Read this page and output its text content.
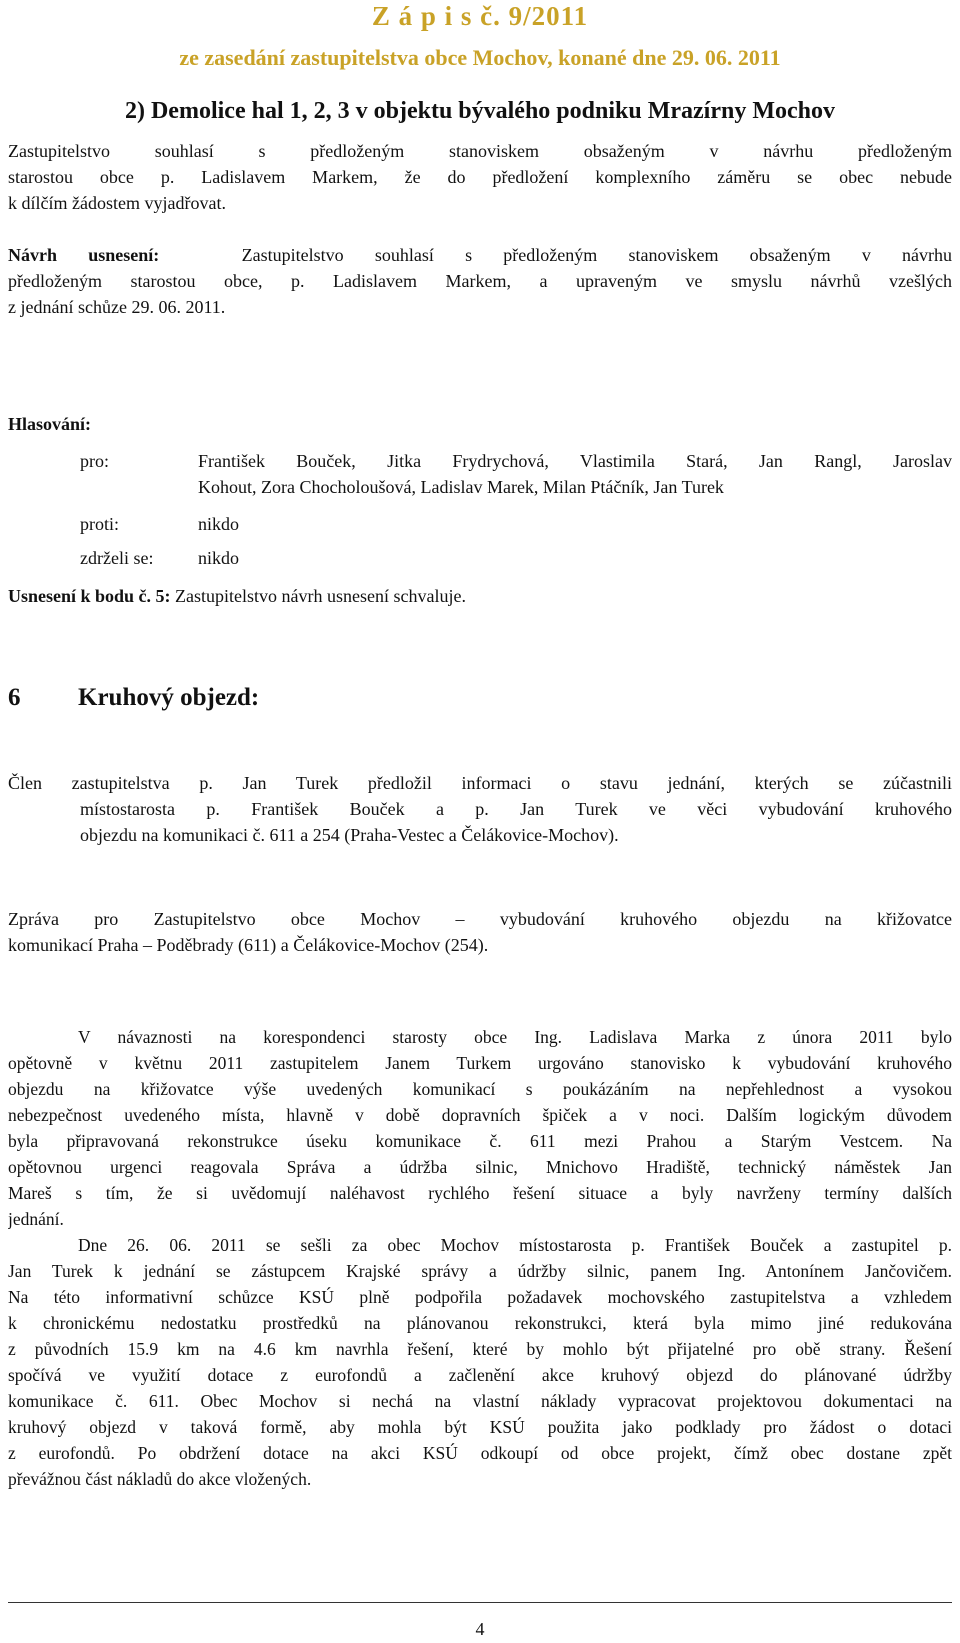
Z á p i s č. 9/2011
ze zasedání zastupitelstva obce Mochov, konané dne 29. 06. 2011
2) Demolice hal 1, 2, 3 v objektu bývalého podniku Mrazírny Mochov
Zastupitelstvo souhlasí s předloženým stanoviskem obsaženým v návrhu předloženým
starostou obce p. Ladislavem Markem, že do předložení komplexního záměru se obec nebude
k dílčím žádostem vyjadřovat.
Návrh usnesení:	Zastupitelstvo souhlasí s předloženým stanoviskem obsaženým v návrhu
předloženým starostou obce, p. Ladislavem Markem, a upraveným ve smyslu návrhů vzešlých
z jednání schůze 29. 06. 2011.
Hlasování:
pro:	František Bouček, Jitka Frydrychová, Vlastimila Stará, Jan Rangl, Jaroslav
Kohout, Zora Chocholoušová, Ladislav Marek, Milan Ptáčník, Jan Turek
proti:	nikdo
zdrželi se: nikdo
Usnesení k bodu č. 5: Zastupitelstvo návrh usnesení schvaluje.
6 Kruhový objezd:
Člen zastupitelstva p. Jan Turek předložil informaci o stavu jednání, kterých se zúčastnili
místostarosta p. František Bouček a p. Jan Turek ve věci vybudování kruhového
objezdu na komunikaci č. 611 a 254 (Praha-Vestec a Čelákovice-Mochov).
Zpráva pro Zastupitelstvo obce Mochov – vybudování kruhového objezdu na křižovatce
komunikací Praha – Poděbrady (611) a Čelákovice-Mochov (254).
V návaznosti na korespondenci starosty obce Ing. Ladislava Marka z února 2011 bylo
opětovně v květnu 2011 zastupitelem Janem Turkem urgováno stanovisko k vybudování kruhového
objezdu na křižovatce výše uvedených komunikací s poukázáním na nepřehlednost a vysokou
nebezpečnost uvedeného místa, hlavně v době dopravních špiček a v noci. Dalším logickým důvodem
byla připravovaná rekonstrukce úseku komunikace č. 611 mezi Prahou a Starým Vestcem. Na
opětovnou urgenci reagovala Správa a údržba silnic, Mnichovo Hradiště, technický náměstek Jan
Mareš s tím, že si uvědomují naléhavost rychlého řešení situace a byly navrženy termíny dalších
jednání.
Dne 26. 06. 2011 se sešli za obec Mochov místostarosta p. František Bouček a zastupitel p.
Jan Turek k jednání se zástupcem Krajské správy a údržby silnic, panem Ing. Antonínem Jančovičem.
Na této informativní schůzce KSÚ plně podpořila požadavek mochovského zastupitelstva a vzhledem
k chronickému nedostatku prostředků na plánovanou rekonstrukci, která byla mimo jiné redukována
z původních 15.9 km na 4.6 km navrhla řešení, které by mohlo být přijatelné pro obě strany. Řešení
spočívá ve využití dotace z eurofondů a začlenění akce kruhový objezd do plánované údržby
komunikace č. 611. Obec Mochov si nechá na vlastní náklady vypracovat projektovou dokumentaci na
kruhový objezd v taková formě, aby mohla být KSÚ použita jako podklady pro žádost o dotaci
z eurofondů. Po obdržení dotace na akci KSÚ odkoupí od obce projekt, čímž obec dostane zpět
převážnou část nákladů do akce vložených.
4
